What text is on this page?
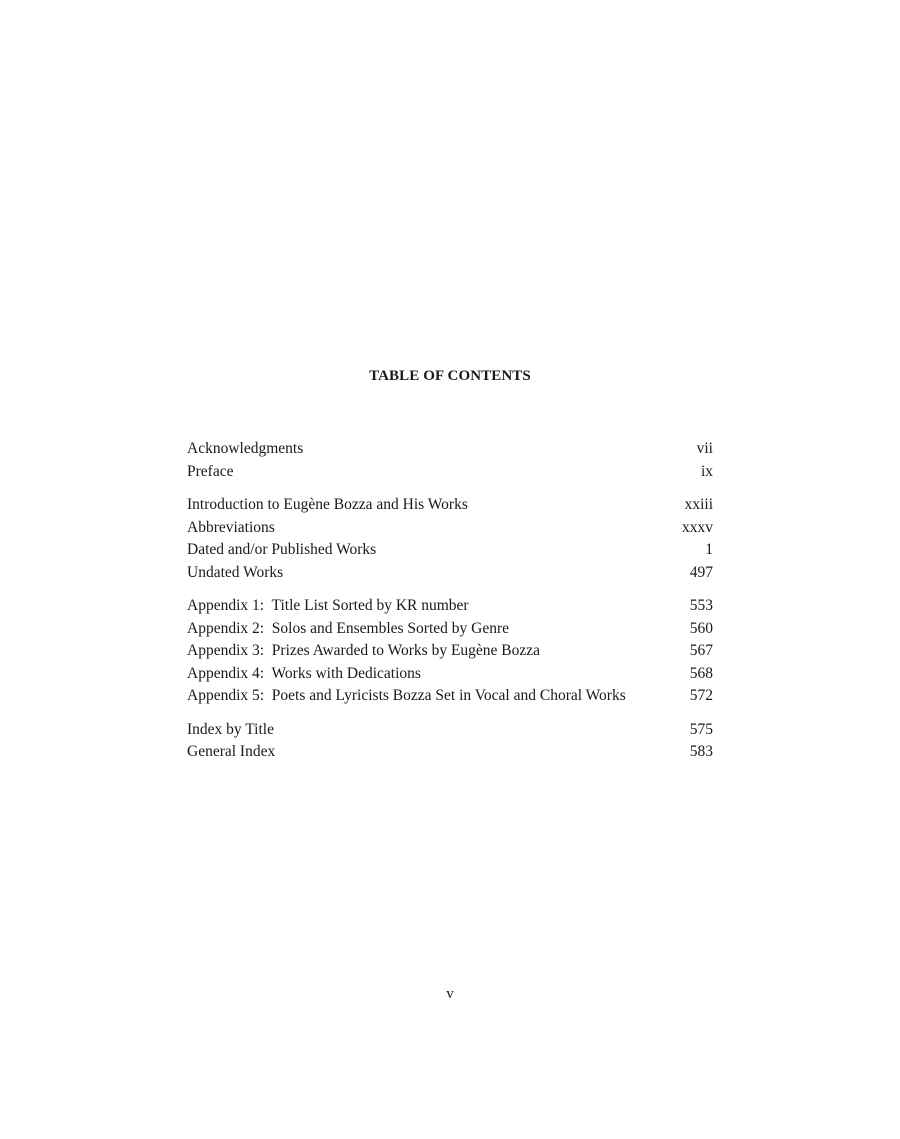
TABLE OF CONTENTS
Acknowledgments	vii
Preface	ix
Introduction to Eugène Bozza and His Works	xxiii
Abbreviations	xxxv
Dated and/or Published Works	1
Undated Works	497
Appendix 1:  Title List Sorted by KR number	553
Appendix 2:  Solos and Ensembles Sorted by Genre	560
Appendix 3:  Prizes Awarded to Works by Eugène Bozza	567
Appendix 4:  Works with Dedications	568
Appendix 5:  Poets and Lyricists Bozza Set in Vocal and Choral Works	572
Index by Title	575
General Index	583
v
